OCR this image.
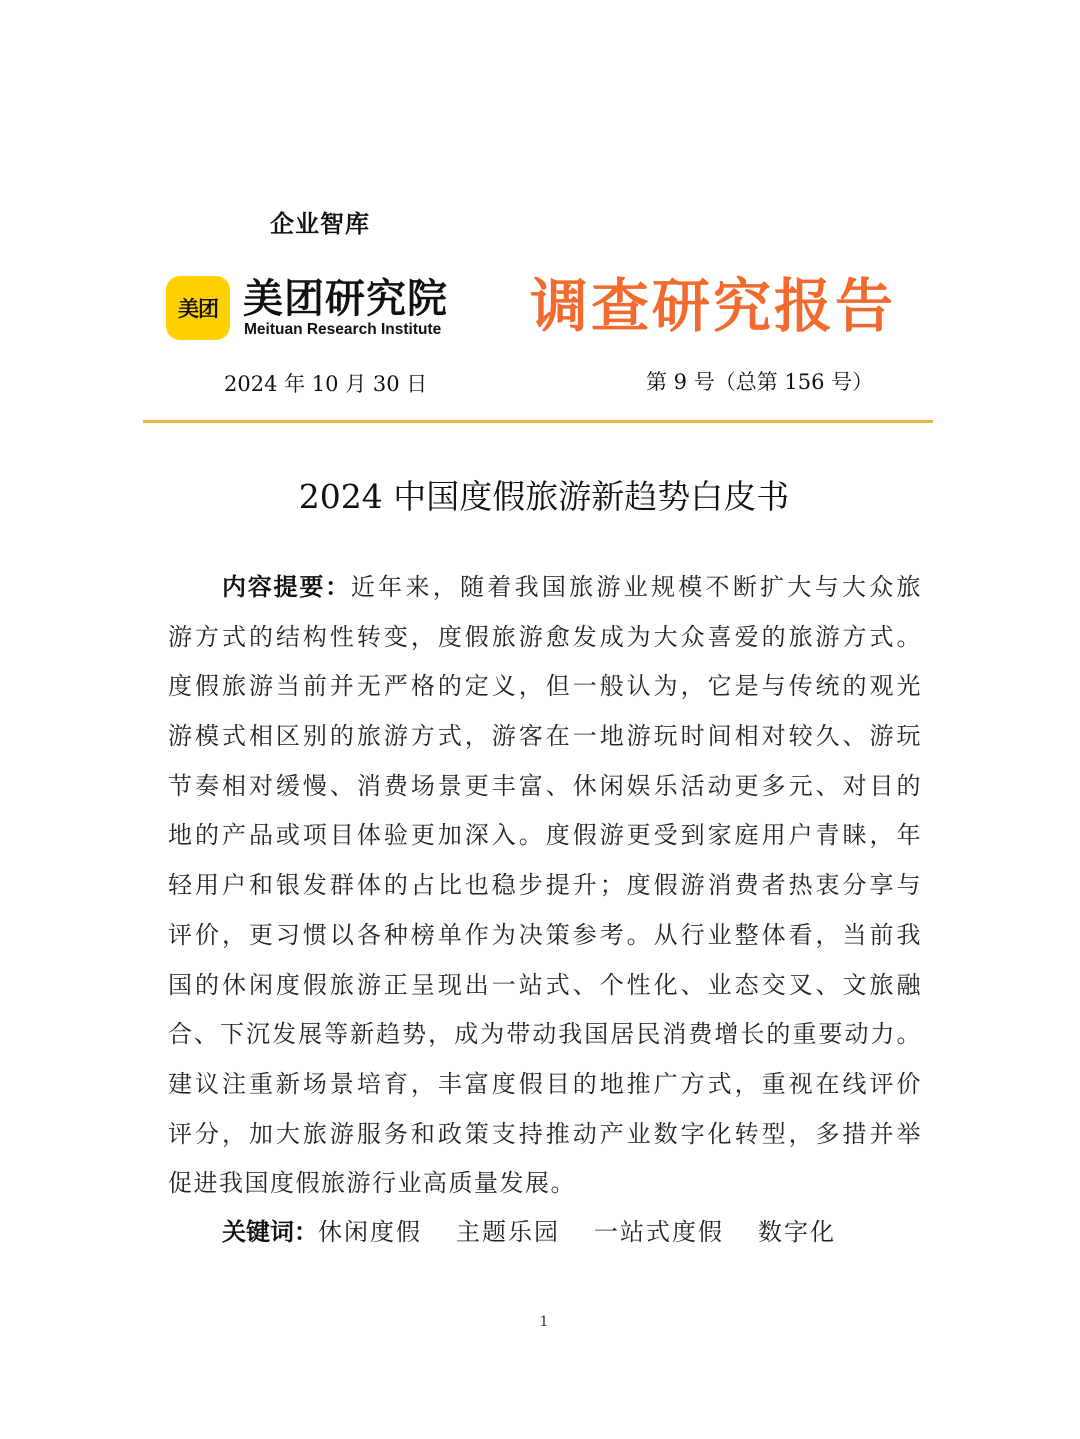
企业智库
美团 美团研究院
Meituan Research Institute 调查研究报告
2024 年 10 月 30 日	第 9 号（总第 156 号）
2024 中国度假旅游新趋势白皮书
内容提要：近年来，随着我国旅游业规模不断扩大与大众旅
游方式的结构性转变，度假旅游愈发成为大众喜爱的旅游方式。
度假旅游当前并无严格的定义，但一般认为，它是与传统的观光
游模式相区别的旅游方式，游客在一地游玩时间相对较久、游玩
节奏相对缓慢、消费场景更丰富、休闲娱乐活动更多元、对目的
地的产品或项目体验更加深入。度假游更受到家庭用户青睐，年
轻用户和银发群体的占比也稳步提升；度假游消费者热衷分享与
评价，更习惯以各种榜单作为决策参考。从行业整体看，当前我
国的休闲度假旅游正呈现出一站式、个性化、业态交叉、文旅融
合、下沉发展等新趋势，成为带动我国居民消费增长的重要动力。
建议注重新场景培育，丰富度假目的地推广方式，重视在线评价
评分，加大旅游服务和政策支持推动产业数字化转型，多措并举
促进我国度假旅游行业高质量发展。
关键词：休闲度假 主题乐园 一站式度假 数字化
1
